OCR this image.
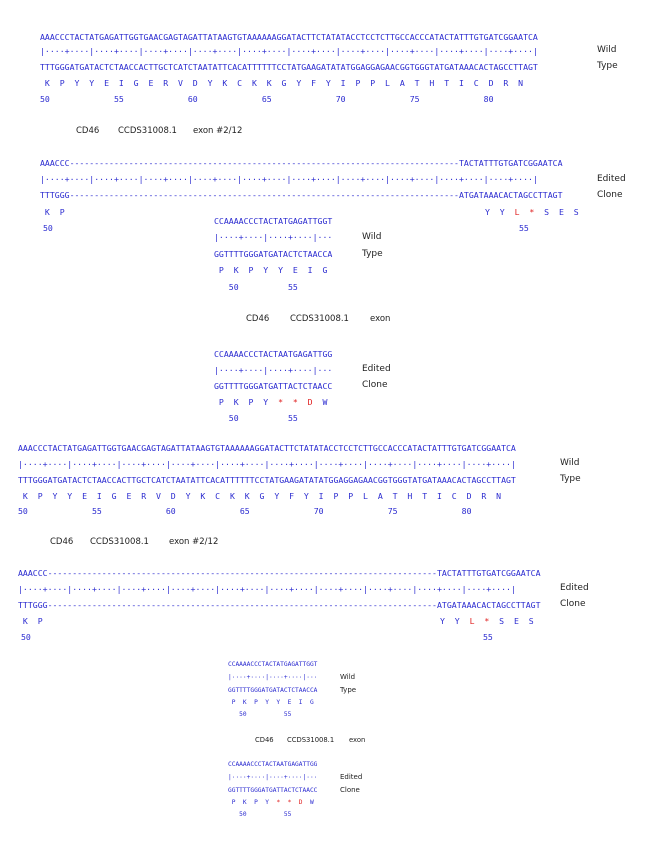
AAACCCTACTATGAGATTGGTGAACGAGTAGATTATAAGTGTAAAAAAGGATACTTCTATATACCTCCTCTTGCCACCCATACTATTTGTGATCGGAATCA
|····+····|····+····|····+····|····+····|····+····|····+····|····+····|····+····|····+····|····+····|
TTTGGGATGATACTCTAACCACTTGCTCATCTAATATTCACATTTTTTCCTATGAAGATATATGGAGGAGAACGGTGGGTATGATAAACACTAGCCTTAGT
K  P  Y  Y  E  I  G  E  R  V  D  Y  K  C  K  K  G  Y  F  Y  I  P  P  L  A  T  H  T  I  C  D  R  N
50             55             60             65             70             75             80
Wild
Type
CD46 CCDS31008.1 exon #2/12
AAACCC-------------------------------------------------------------------------------TACTATTTGTGATCGGAATCA
|····+····|····+····|····+····|····+····|····+····|····+····|····+····|····+····|····+····|····+····|
TTTGGG-------------------------------------------------------------------------------ATGATAAACACTAGCCTTAGT
K  P	Y  Y  L  *  S  E  S
50	55
Edited
Clone
CCAAAACCCTACTATGAGATTGGT
|····+····|····+····|···
GGTTTTGGGATGATACTCTAACCA
P  K  P  Y  Y  E  I  G
50          55
Wild
Type
CD46 CCDS31008.1 exon
CCAAAACCCTACTAATGAGATTGG
|····+····|····+····|···
GGTTTTGGGATGATTACTCTAACC
P  K  P  Y  *  *  D  W
50          55
Edited
Clone
AAACCCTACTATGAGATTGGTGAACGAGTAGATTATAAGTGTAAAAAAGGATACTTCTATATACCTCCTCTTGCCACCCATACTATTTGTGATCGGAATCA
|····+····|····+····|····+····|····+····|····+····|····+····|····+····|····+····|····+····|····+····|
TTTGGGATGATACTCTAACCACTTGCTCATCTAATATTCACATTTTTTCCTATGAAGATATATGGAGGAGAACGGTGGGTATGATAAACACTAGCCTTAGT
K  P  Y  Y  E  I  G  E  R  V  D  Y  K  C  K  K  G  Y  F  Y  I  P  P  L  A  T  H  T  I  C  D  R  N
50             55             60             65             70             75             80
Wild
Type
CD46 CCDS31008.1 exon #2/12
AAACCC-------------------------------------------------------------------------------TACTATTTGTGATCGGAATCA
|····+····|····+····|····+····|····+····|····+····|····+····|····+····|····+····|····+····|····+····|
TTTGGG-------------------------------------------------------------------------------ATGATAAACACTAGCCTTAGT
K  P	Y  Y  L  *  S  E  S
50	55
Edited
Clone
CCAAAACCCTACTATGAGATTGGT
|····+····|····+····|···
GGTTTTGGGATGATACTCTAACCA
P  K  P  Y  Y  E  I  G
50          55
Wild
Type
CD46 CCDS31008.1 exon
CCAAAACCCTACTAATGAGATTGG
|····+····|····+····|···
GGTTTTGGGATGATTACTCTAACC
P  K  P  Y  *  *  D  W
50          55
Edited
Clone
